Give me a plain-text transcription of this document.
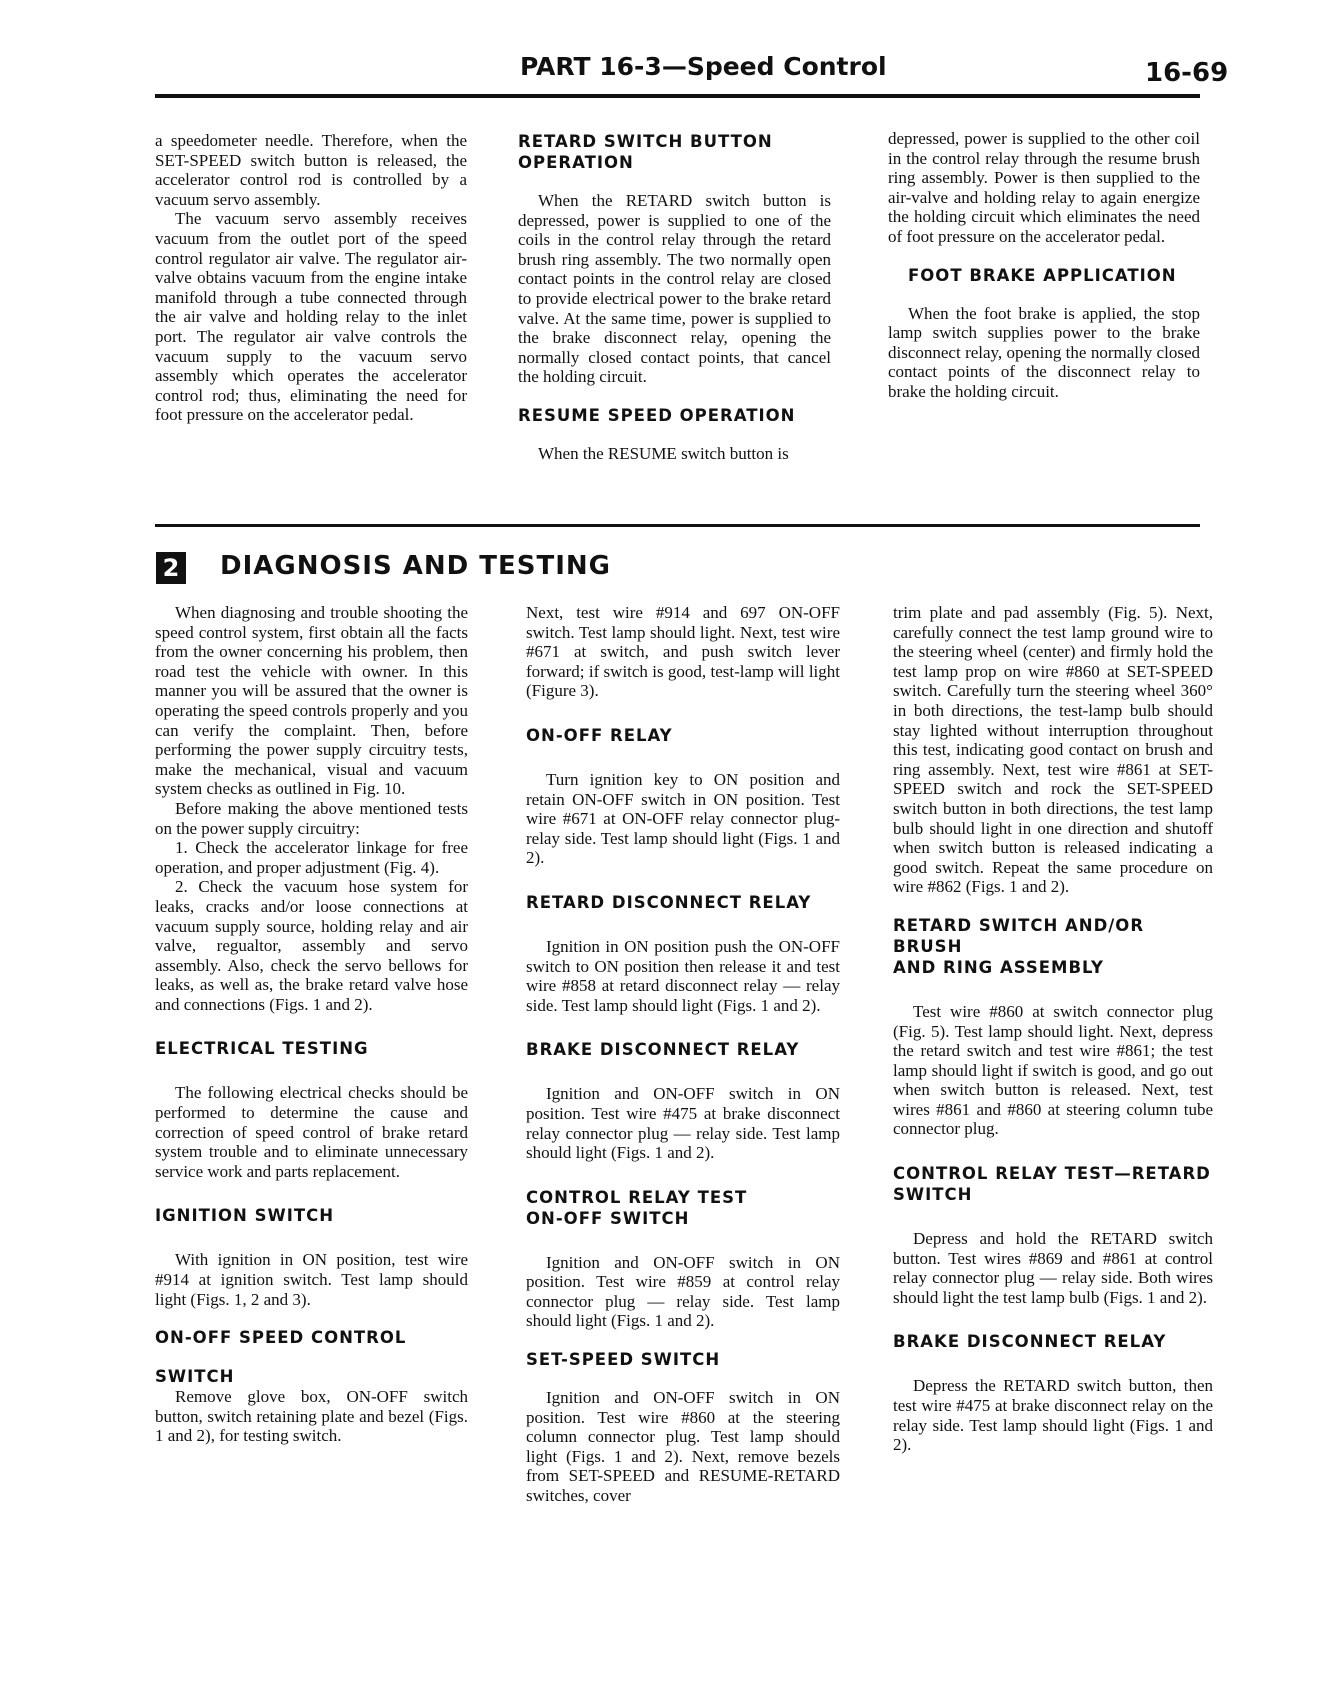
PART 16-3—Speed Control	16-69

a speedometer needle. Therefore, when the SET-SPEED switch button is released, the accelerator control rod is controlled by a vacuum servo assembly.

The vacuum servo assembly receives vacuum from the outlet port of the speed control regulator air valve. The regulator air-valve obtains vacuum from the engine intake manifold through a tube connected through the air valve and holding relay to the inlet port. The regulator air valve controls the vacuum supply to the vacuum servo assembly which operates the accelerator control rod; thus, eliminating the need for foot pressure on the accelerator pedal.

RETARD SWITCH BUTTON OPERATION

When the RETARD switch button is depressed, power is supplied to one of the coils in the control relay through the retard brush ring assembly. The two normally open contact points in the control relay are closed to provide electrical power to the brake retard valve. At the same time, power is supplied to the brake disconnect relay, opening the normally closed contact points, that cancel the holding circuit.

RESUME SPEED OPERATION

When the RESUME switch button is

depressed, power is supplied to the other coil in the control relay through the resume brush ring assembly. Power is then supplied to the air-valve and holding relay to again energize the holding circuit which eliminates the need of foot pressure on the accelerator pedal.

FOOT BRAKE APPLICATION

When the foot brake is applied, the stop lamp switch supplies power to the brake disconnect relay, opening the normally closed contact points of the disconnect relay to brake the holding circuit.

2 DIAGNOSIS AND TESTING

When diagnosing and trouble shooting the speed control system, first obtain all the facts from the owner concerning his problem, then road test the vehicle with owner. In this manner you will be assured that the owner is operating the speed controls properly and you can verify the complaint. Then, before performing the power supply circuitry tests, make the mechanical, visual and vacuum system checks as outlined in Fig. 10.

Before making the above mentioned tests on the power supply circuitry:

1. Check the accelerator linkage for free operation, and proper adjustment (Fig. 4).

2. Check the vacuum hose system for leaks, cracks and/or loose connections at vacuum supply source, holding relay and air valve, regualtor, assembly and servo assembly. Also, check the servo bellows for leaks, as well as, the brake retard valve hose and connections (Figs. 1 and 2).

ELECTRICAL TESTING

The following electrical checks should be performed to determine the cause and correction of speed control of brake retard system trouble and to eliminate unnecessary service work and parts replacement.

IGNITION SWITCH

With ignition in ON position, test wire #914 at ignition switch. Test lamp should light (Figs. 1, 2 and 3).

ON-OFF SPEED CONTROL
SWITCH

Remove glove box, ON-OFF switch button, switch retaining plate and bezel (Figs. 1 and 2), for testing switch.

Next, test wire #914 and 697 ON-OFF switch. Test lamp should light. Next, test wire #671 at switch, and push switch lever forward; if switch is good, test-lamp will light (Figure 3).

ON-OFF RELAY

Turn ignition key to ON position and retain ON-OFF switch in ON position. Test wire #671 at ON-OFF relay connector plug-relay side. Test lamp should light (Figs. 1 and 2).

RETARD DISCONNECT RELAY

Ignition in ON position push the ON-OFF switch to ON position then release it and test wire #858 at retard disconnect relay — relay side. Test lamp should light (Figs. 1 and 2).

BRAKE DISCONNECT RELAY

Ignition and ON-OFF switch in ON position. Test wire #475 at brake disconnect relay connector plug — relay side. Test lamp should light (Figs. 1 and 2).

CONTROL RELAY TEST
ON-OFF SWITCH

Ignition and ON-OFF switch in ON position. Test wire #859 at control relay connector plug — relay side. Test lamp should light (Figs. 1 and 2).

SET-SPEED SWITCH

Ignition and ON-OFF switch in ON position. Test wire #860 at the steering column connector plug. Test lamp should light (Figs. 1 and 2). Next, remove bezels from SET-SPEED and RESUME-RETARD switches, cover

trim plate and pad assembly (Fig. 5). Next, carefully connect the test lamp ground wire to the steering wheel (center) and firmly hold the test lamp prop on wire #860 at SET-SPEED switch. Carefully turn the steering wheel 360° in both directions, the test-lamp bulb should stay lighted without interruption throughout this test, indicating good contact on brush and ring assembly. Next, test wire #861 at SET-SPEED switch and rock the SET-SPEED switch button in both directions, the test lamp bulb should light in one direction and shutoff when switch button is released indicating a good switch. Repeat the same procedure on wire #862 (Figs. 1 and 2).

RETARD SWITCH AND/OR BRUSH
AND RING ASSEMBLY

Test wire #860 at switch connector plug (Fig. 5). Test lamp should light. Next, depress the retard switch and test wire #861; the test lamp should light if switch is good, and go out when switch button is released. Next, test wires #861 and #860 at steering column tube connector plug.

CONTROL RELAY TEST—RETARD
SWITCH

Depress and hold the RETARD switch button. Test wires #869 and #861 at control relay connector plug — relay side. Both wires should light the test lamp bulb (Figs. 1 and 2).

BRAKE DISCONNECT RELAY

Depress the RETARD switch button, then test wire #475 at brake disconnect relay on the relay side. Test lamp should light (Figs. 1 and 2).
